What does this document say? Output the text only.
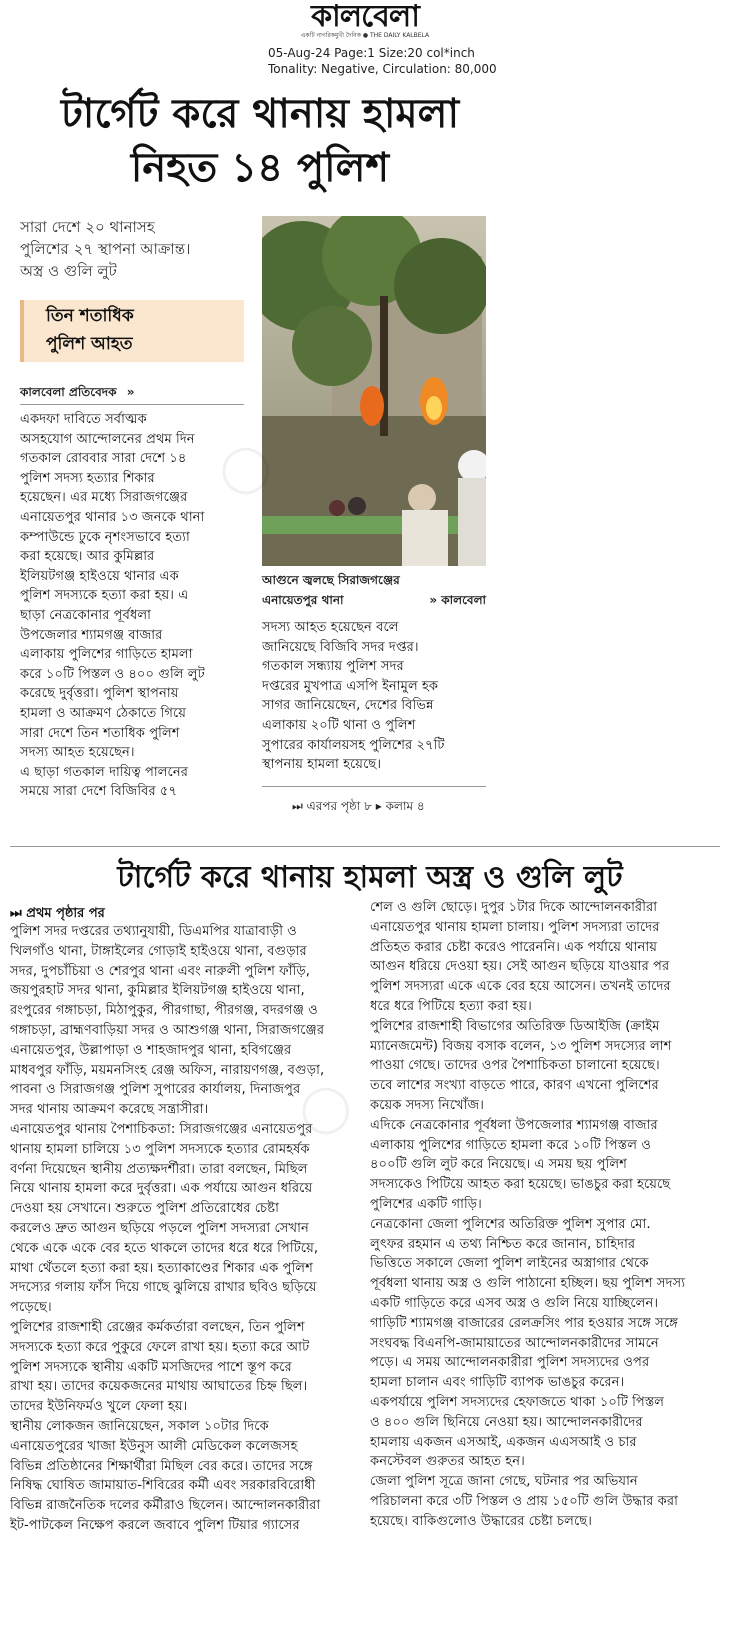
কালবেলা
একটি নাগরিকমুখী দৈনিক ● THE DAILY KALBELA
05-Aug-24 Page:1 Size:20 col*inch
Tonality: Negative, Circulation: 80,000
টার্গেট করে থানায় হামলা
নিহত ১৪ পুলিশ
সারা দেশে ২০ থানাসহ
পুলিশের ২৭ স্থাপনা আক্রান্ত।
অস্ত্র ও গুলি লুট
তিন শতাধিক
পুলিশ আহত
কালবেলা প্রতিবেদক »
একদফা দাবিতে সর্বাত্মক
অসহযোগ আন্দোলনের প্রথম দিন
গতকাল রোববার সারা দেশে ১৪
পুলিশ সদস্য হত্যার শিকার
হয়েছেন। এর মধ্যে সিরাজগঞ্জের
এনায়েতপুর থানার ১৩ জনকে থানা
কম্পাউন্ডে ঢুকে নৃশংসভাবে হত্যা
করা হয়েছে। আর কুমিল্লার
ইলিয়টগঞ্জ হাইওয়ে থানার এক
পুলিশ সদস্যকে হত্যা করা হয়। এ
ছাড়া নেত্রকোনার পূর্বধলা
উপজেলার শ্যামগঞ্জ বাজার
এলাকায় পুলিশের গাড়িতে হামলা
করে ১০টি পিস্তল ও ৪০০ গুলি লুট
করেছে দুর্বৃত্তরা। পুলিশ স্থাপনায়
হামলা ও আক্রমণ ঠেকাতে গিয়ে
সারা দেশে তিন শতাধিক পুলিশ
সদস্য আহত হয়েছেন।
এ ছাড়া গতকাল দায়িত্ব পালনের
সময়ে সারা দেশে বিজিবির ৫৭
আগুনে জ্বলছে সিরাজগঞ্জের
এনায়েতপুর থানা	» কালবেলা
সদস্য আহত হয়েছেন বলে
জানিয়েছে বিজিবি সদর দপ্তর।
গতকাল সন্ধ্যায় পুলিশ সদর
দপ্তরের মুখপাত্র এসপি ইনামুল হক
সাগর জানিয়েছেন, দেশের বিভিন্ন
এলাকায় ২০টি থানা ও পুলিশ
সুপারের কার্যালয়সহ পুলিশের ২৭টি
স্থাপনায় হামলা হয়েছে।
⏭ এরপর পৃষ্ঠা ৮ ▸ কলাম ৪
টার্গেট করে থানায় হামলা অস্ত্র ও গুলি লুট
⏭ প্রথম পৃষ্ঠার পর
পুলিশ সদর দপ্তরের তথ্যানুযায়ী, ডিএমপির যাত্রাবাড়ী ও
খিলগাঁও থানা, টাঙ্গাইলের গোড়াই হাইওয়ে থানা, বগুড়ার
সদর, দুপচাঁচিয়া ও শেরপুর থানা এবং নারুলী পুলিশ ফাঁড়ি,
জয়পুরহাট সদর থানা, কুমিল্লার ইলিয়টগঞ্জ হাইওয়ে থানা,
রংপুরের গঙ্গাচড়া, মিঠাপুকুর, পীরগাছা, পীরগঞ্জ, বদরগঞ্জ ও
গঙ্গাচড়া, ব্রাহ্মণবাড়িয়া সদর ও আশুগঞ্জ থানা, সিরাজগঞ্জের
এনায়েতপুর, উল্লাপাড়া ও শাহজাদপুর থানা, হবিগঞ্জের
মাধবপুর ফাঁড়ি, ময়মনসিংহ রেঞ্জ অফিস, নারায়ণগঞ্জ, বগুড়া,
পাবনা ও সিরাজগঞ্জ পুলিশ সুপারের কার্যালয়, দিনাজপুর
সদর থানায় আক্রমণ করেছে সন্ত্রাসীরা।
এনায়েতপুর থানায় পৈশাচিকতা: সিরাজগঞ্জের এনায়েতপুর
থানায় হামলা চালিয়ে ১৩ পুলিশ সদস্যকে হত্যার রোমহর্ষক
বর্ণনা দিয়েছেন স্থানীয় প্রত্যক্ষদর্শীরা। তারা বলছেন, মিছিল
নিয়ে থানায় হামলা করে দুর্বৃত্তরা। এক পর্যায়ে আগুন ধরিয়ে
দেওয়া হয় সেখানে। শুরুতে পুলিশ প্রতিরোধের চেষ্টা
করলেও দ্রুত আগুন ছড়িয়ে পড়লে পুলিশ সদস্যরা সেখান
থেকে একে একে বের হতে থাকলে তাদের ধরে ধরে পিটিয়ে,
মাথা থেঁতলে হত্যা করা হয়। হত্যাকাণ্ডের শিকার এক পুলিশ
সদস্যের গলায় ফাঁস দিয়ে গাছে ঝুলিয়ে রাখার ছবিও ছড়িয়ে
পড়েছে।
পুলিশের রাজশাহী রেঞ্জের কর্মকর্তারা বলছেন, তিন পুলিশ
সদস্যকে হত্যা করে পুকুরে ফেলে রাখা হয়। হত্যা করে আট
পুলিশ সদস্যকে স্থানীয় একটি মসজিদের পাশে স্তূপ করে
রাখা হয়। তাদের কয়েকজনের মাথায় আঘাতের চিহ্ন ছিল।
তাদের ইউনিফর্মও খুলে ফেলা হয়।
স্থানীয় লোকজন জানিয়েছেন, সকাল ১০টার দিকে
এনায়েতপুরের খাজা ইউনুস আলী মেডিকেল কলেজসহ
বিভিন্ন প্রতিষ্ঠানের শিক্ষার্থীরা মিছিল বের করে। তাদের সঙ্গে
নিষিদ্ধ ঘোষিত জামায়াত-শিবিরের কর্মী এবং সরকারবিরোধী
বিভিন্ন রাজনৈতিক দলের কর্মীরাও ছিলেন। আন্দোলনকারীরা
ইট-পাটকেল নিক্ষেপ করলে জবাবে পুলিশ টিয়ার গ্যাসের
শেল ও গুলি ছোড়ে। দুপুর ১টার দিকে আন্দোলনকারীরা
এনায়েতপুর থানায় হামলা চালায়। পুলিশ সদস্যরা তাদের
প্রতিহত করার চেষ্টা করেও পারেননি। এক পর্যায়ে থানায়
আগুন ধরিয়ে দেওয়া হয়। সেই আগুন ছড়িয়ে যাওয়ার পর
পুলিশ সদস্যরা একে একে বের হয়ে আসেন। তখনই তাদের
ধরে ধরে পিটিয়ে হত্যা করা হয়।
পুলিশের রাজশাহী বিভাগের অতিরিক্ত ডিআইজি (ক্রাইম
ম্যানেজমেন্ট) বিজয় বসাক বলেন, ১৩ পুলিশ সদস্যের লাশ
পাওয়া গেছে। তাদের ওপর পৈশাচিকতা চালানো হয়েছে।
তবে লাশের সংখ্যা বাড়তে পারে, কারণ এখনো পুলিশের
কয়েক সদস্য নিখোঁজ।
এদিকে নেত্রকোনার পূর্বধলা উপজেলার শ্যামগঞ্জ বাজার
এলাকায় পুলিশের গাড়িতে হামলা করে ১০টি পিস্তল ও
৪০০টি গুলি লুট করে নিয়েছে। এ সময় ছয় পুলিশ
সদস্যকেও পিটিয়ে আহত করা হয়েছে। ভাঙচুর করা হয়েছে
পুলিশের একটি গাড়ি।
নেত্রকোনা জেলা পুলিশের অতিরিক্ত পুলিশ সুপার মো.
লুৎফর রহমান এ তথ্য নিশ্চিত করে জানান, চাহিদার
ভিত্তিতে সকালে জেলা পুলিশ লাইনের অস্ত্রাগার থেকে
পূর্বধলা থানায় অস্ত্র ও গুলি পাঠানো হচ্ছিল। ছয় পুলিশ সদস্য
একটি গাড়িতে করে এসব অস্ত্র ও গুলি নিয়ে যাচ্ছিলেন।
গাড়িটি শ্যামগঞ্জ বাজারের রেলক্রসিং পার হওয়ার সঙ্গে সঙ্গে
সংঘবদ্ধ বিএনপি-জামায়াতের আন্দোলনকারীদের সামনে
পড়ে। এ সময় আন্দোলনকারীরা পুলিশ সদস্যদের ওপর
হামলা চালান এবং গাড়িটি ব্যাপক ভাঙচুর করেন।
একপর্যায়ে পুলিশ সদস্যদের হেফাজতে থাকা ১০টি পিস্তল
ও ৪০০ গুলি ছিনিয়ে নেওয়া হয়। আন্দোলনকারীদের
হামলায় একজন এসআই, একজন এএসআই ও চার
কনস্টেবল গুরুতর আহত হন।
জেলা পুলিশ সূত্রে জানা গেছে, ঘটনার পর অভিযান
পরিচালনা করে ৩টি পিস্তল ও প্রায় ১৫০টি গুলি উদ্ধার করা
হয়েছে। বাকিগুলোও উদ্ধারের চেষ্টা চলছে।
◯
◯
